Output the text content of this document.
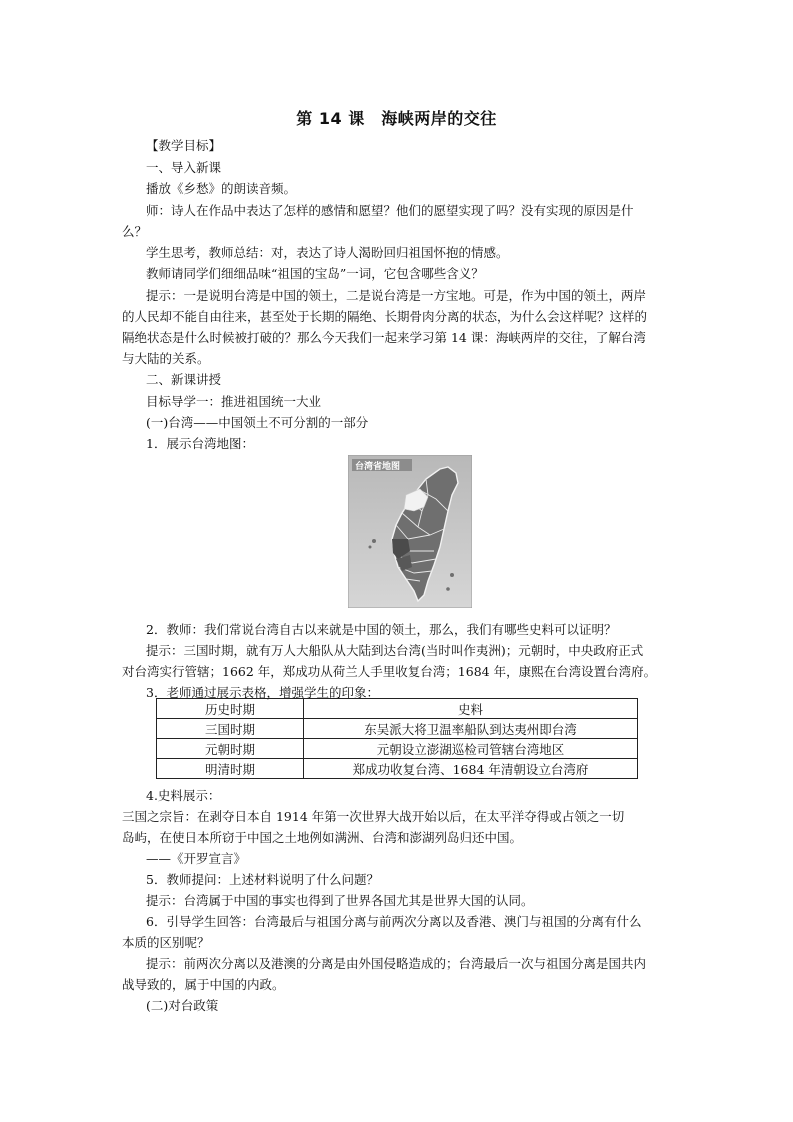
第 14 课　海峡两岸的交往
【教学目标】
一、导入新课
播放《乡愁》的朗读音频。
师：诗人在作品中表达了怎样的感情和愿望？他们的愿望实现了吗？没有实现的原因是什
么？
学生思考，教师总结：对，表达了诗人渴盼回归祖国怀抱的情感。
教师请同学们细细品味“祖国的宝岛”一词，它包含哪些含义？
提示：一是说明台湾是中国的领土，二是说台湾是一方宝地。可是，作为中国的领土，两岸
的人民却不能自由往来，甚至处于长期的隔绝、长期骨肉分离的状态，为什么会这样呢？这样的
隔绝状态是什么时候被打破的？那么今天我们一起来学习第 14 课：海峡两岸的交往，了解台湾
与大陆的关系。
二、新课讲授
目标导学一：推进祖国统一大业
(一)台湾——中国领土不可分割的一部分
1．展示台湾地图：
台湾省地图
2．教师：我们常说台湾自古以来就是中国的领土，那么，我们有哪些史料可以证明？
提示：三国时期，就有万人大船队从大陆到达台湾(当时叫作夷洲)；元朝时，中央政府正式
对台湾实行管辖；1662 年，郑成功从荷兰人手里收复台湾；1684 年，康熙在台湾设置台湾府。
3．老师通过展示表格，增强学生的印象：
历史时期	史料
三国时期	东吴派大将卫温率船队到达夷州即台湾
元朝时期	元朝设立澎湖巡检司管辖台湾地区
明清时期	郑成功收复台湾、1684 年清朝设立台湾府
4.史料展示：
三国之宗旨：在剥夺日本自 1914 年第一次世界大战开始以后，在太平洋夺得或占领之一切
岛屿，在使日本所窃于中国之土地例如满洲、台湾和澎湖列岛归还中国。
——《开罗宣言》
5．教师提问：上述材料说明了什么问题？
提示：台湾属于中国的事实也得到了世界各国尤其是世界大国的认同。
6．引导学生回答：台湾最后与祖国分离与前两次分离以及香港、澳门与祖国的分离有什么
本质的区别呢？
提示：前两次分离以及港澳的分离是由外国侵略造成的；台湾最后一次与祖国分离是国共内
战导致的，属于中国的内政。
(二)对台政策
